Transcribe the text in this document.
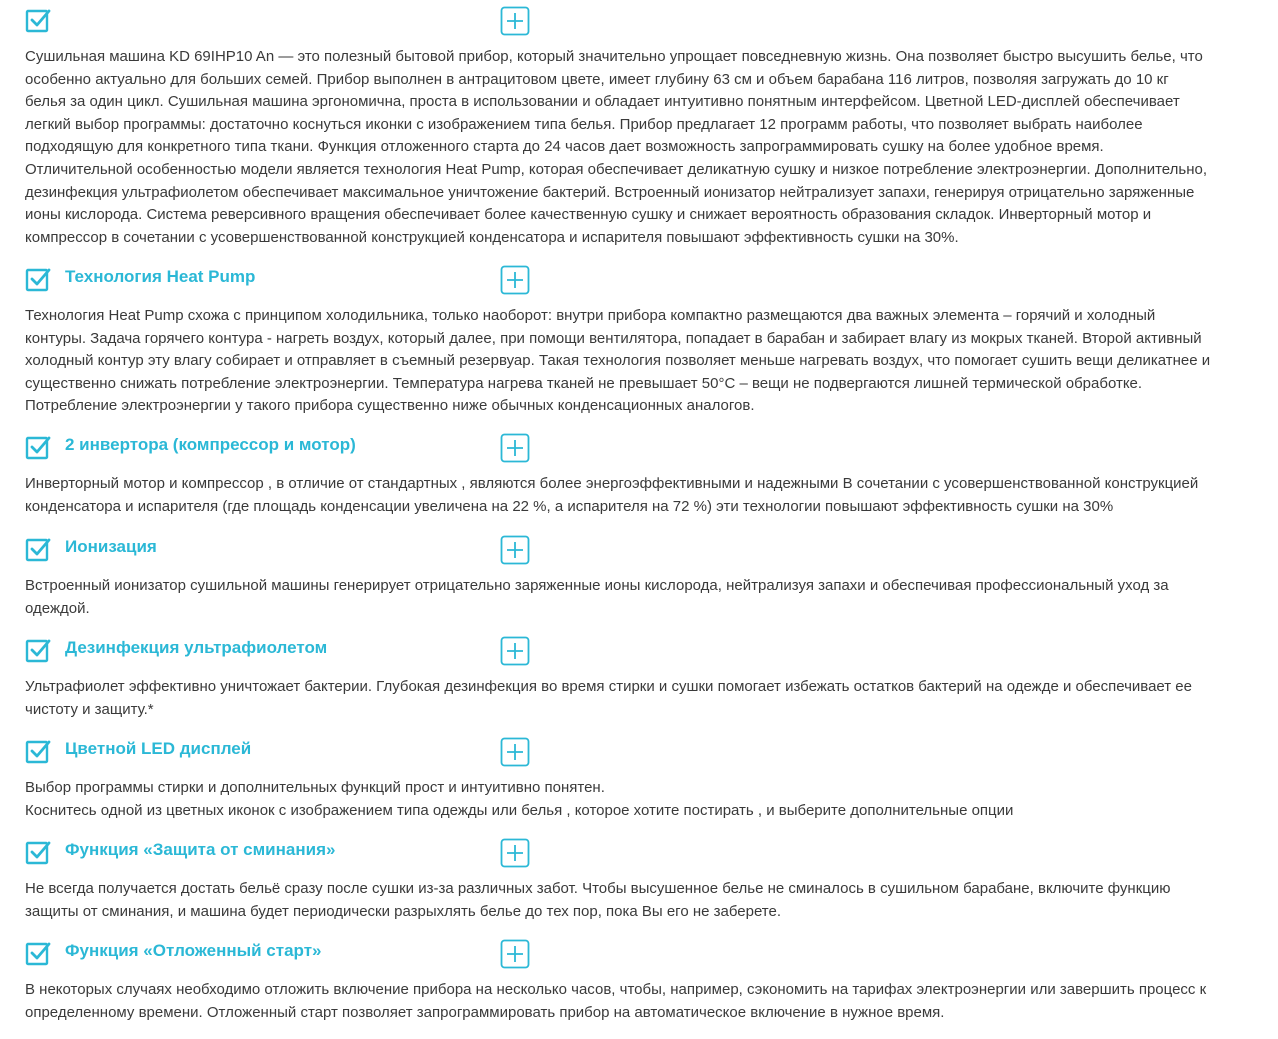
Сушильная машина KD 69IHP10 An — это полезный бытовой прибор, который значительно упрощает повседневную жизнь. Она позволяет быстро высушить белье, что
особенно актуально для больших семей. Прибор выполнен в антрацитовом цвете, имеет глубину 63 см и объем барабана 116 литров, позволяя загружать до 10 кг
белья за один цикл. Сушильная машина эргономична, проста в использовании и обладает интуитивно понятным интерфейсом. Цветной LED-дисплей обеспечивает
легкий выбор программы: достаточно коснуться иконки с изображением типа белья. Прибор предлагает 12 программ работы, что позволяет выбрать наиболее
подходящую для конкретного типа ткани. Функция отложенного старта до 24 часов дает возможность запрограммировать сушку на более удобное время.
Отличительной особенностью модели является технология Heat Pump, которая обеспечивает деликатную сушку и низкое потребление электроэнергии. Дополнительно,
дезинфекция ультрафиолетом обеспечивает максимальное уничтожение бактерий. Встроенный ионизатор нейтрализует запахи, генерируя отрицательно заряженные
ионы кислорода. Система реверсивного вращения обеспечивает более качественную сушку и снижает вероятность образования складок. Инверторный мотор и
компрессор в сочетании с усовершенствованной конструкцией конденсатора и испарителя повышают эффективность сушки на 30%.
Технология Heat Pump
Технология Heat Pump схожа с принципом холодильника, только наоборот: внутри прибора компактно размещаются два важных элемента – горячий и холодный
контуры. Задача горячего контура - нагреть воздух, который далее, при помощи вентилятора, попадает в барабан и забирает влагу из мокрых тканей. Второй активный
холодный контур эту влагу собирает и отправляет в съемный резервуар. Такая технология позволяет меньше нагревать воздух, что помогает сушить вещи деликатнее и
существенно снижать потребление электроэнергии. Температура нагрева тканей не превышает 50°C – вещи не подвергаются лишней термической обработке.
Потребление электроэнергии у такого прибора существенно ниже обычных конденсационных аналогов.
2 инвертора (компрессор и мотор)
Инверторный мотор и компрессор , в отличие от стандартных , являются более энергоэффективными и надежными В сочетании с усовершенствованной конструкцией
конденсатора и испарителя (где площадь конденсации увеличена на 22 %, а испарителя на 72 %) эти технологии повышают эффективность сушки на 30%
Ионизация
Встроенный ионизатор сушильной машины генерирует отрицательно заряженные ионы кислорода, нейтрализуя запахи и обеспечивая профессиональный уход за
одеждой.
Дезинфекция ультрафиолетом
Ультрафиолет эффективно уничтожает бактерии. Глубокая дезинфекция во время стирки и сушки помогает избежать остатков бактерий на одежде и обеспечивает ее
чистоту и защиту.*
Цветной LED дисплей
Выбор программы стирки и дополнительных функций прост и интуитивно понятен.
Коснитесь одной из цветных иконок с изображением типа одежды или белья , которое хотите постирать , и выберите дополнительные опции
Функция «Защита от сминания»
Не всегда получается достать бельё сразу после сушки из-за различных забот. Чтобы высушенное белье не сминалось в сушильном барабане, включите функцию
защиты от сминания, и машина будет периодически разрыхлять белье до тех пор, пока Вы его не заберете.
Функция «Отложенный старт»
В некоторых случаях необходимо отложить включение прибора на несколько часов, чтобы, например, сэкономить на тарифах электроэнергии или завершить процесс к
определенному времени. Отложенный старт позволяет запрограммировать прибор на автоматическое включение в нужное время.
